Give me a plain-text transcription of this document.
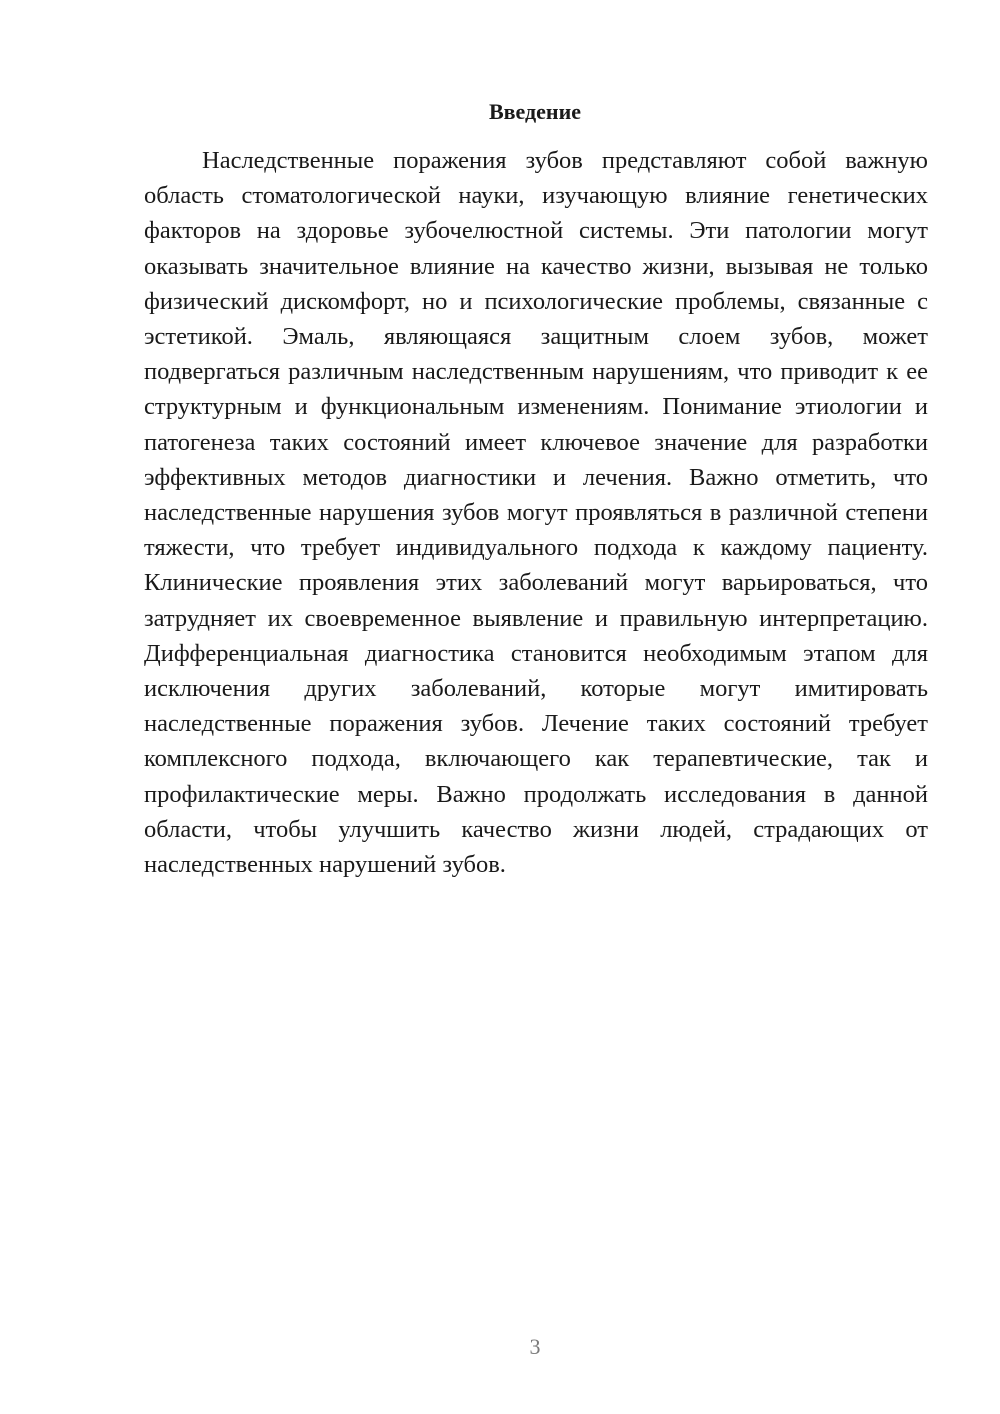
Введение

Наследственные поражения зубов представляют собой важную область стоматологической науки, изучающую влияние генетических факторов на здоровье зубочелюстной системы. Эти патологии могут оказывать значительное влияние на качество жизни, вызывая не только физический дискомфорт, но и психологические проблемы, связанные с эстетикой. Эмаль, являющаяся защитным слоем зубов, может подвергаться различным наследственным нарушениям, что приводит к ее структурным и функциональным изменениям. Понимание этиологии и патогенеза таких состояний имеет ключевое значение для разработки эффективных методов диагностики и лечения. Важно отметить, что наследственные нарушения зубов могут проявляться в различной степени тяжести, что требует индивидуального подхода к каждому пациенту. Клинические проявления этих заболеваний могут варьироваться, что затрудняет их своевременное выявление и правильную интерпретацию. Дифференциальная диагностика становится необходимым этапом для исключения других заболеваний, которые могут имитировать наследственные поражения зубов. Лечение таких состояний требует комплексного подхода, включающего как терапевтические, так и профилактические меры. Важно продолжать исследования в данной области, чтобы улучшить качество жизни людей, страдающих от наследственных нарушений зубов.

3
